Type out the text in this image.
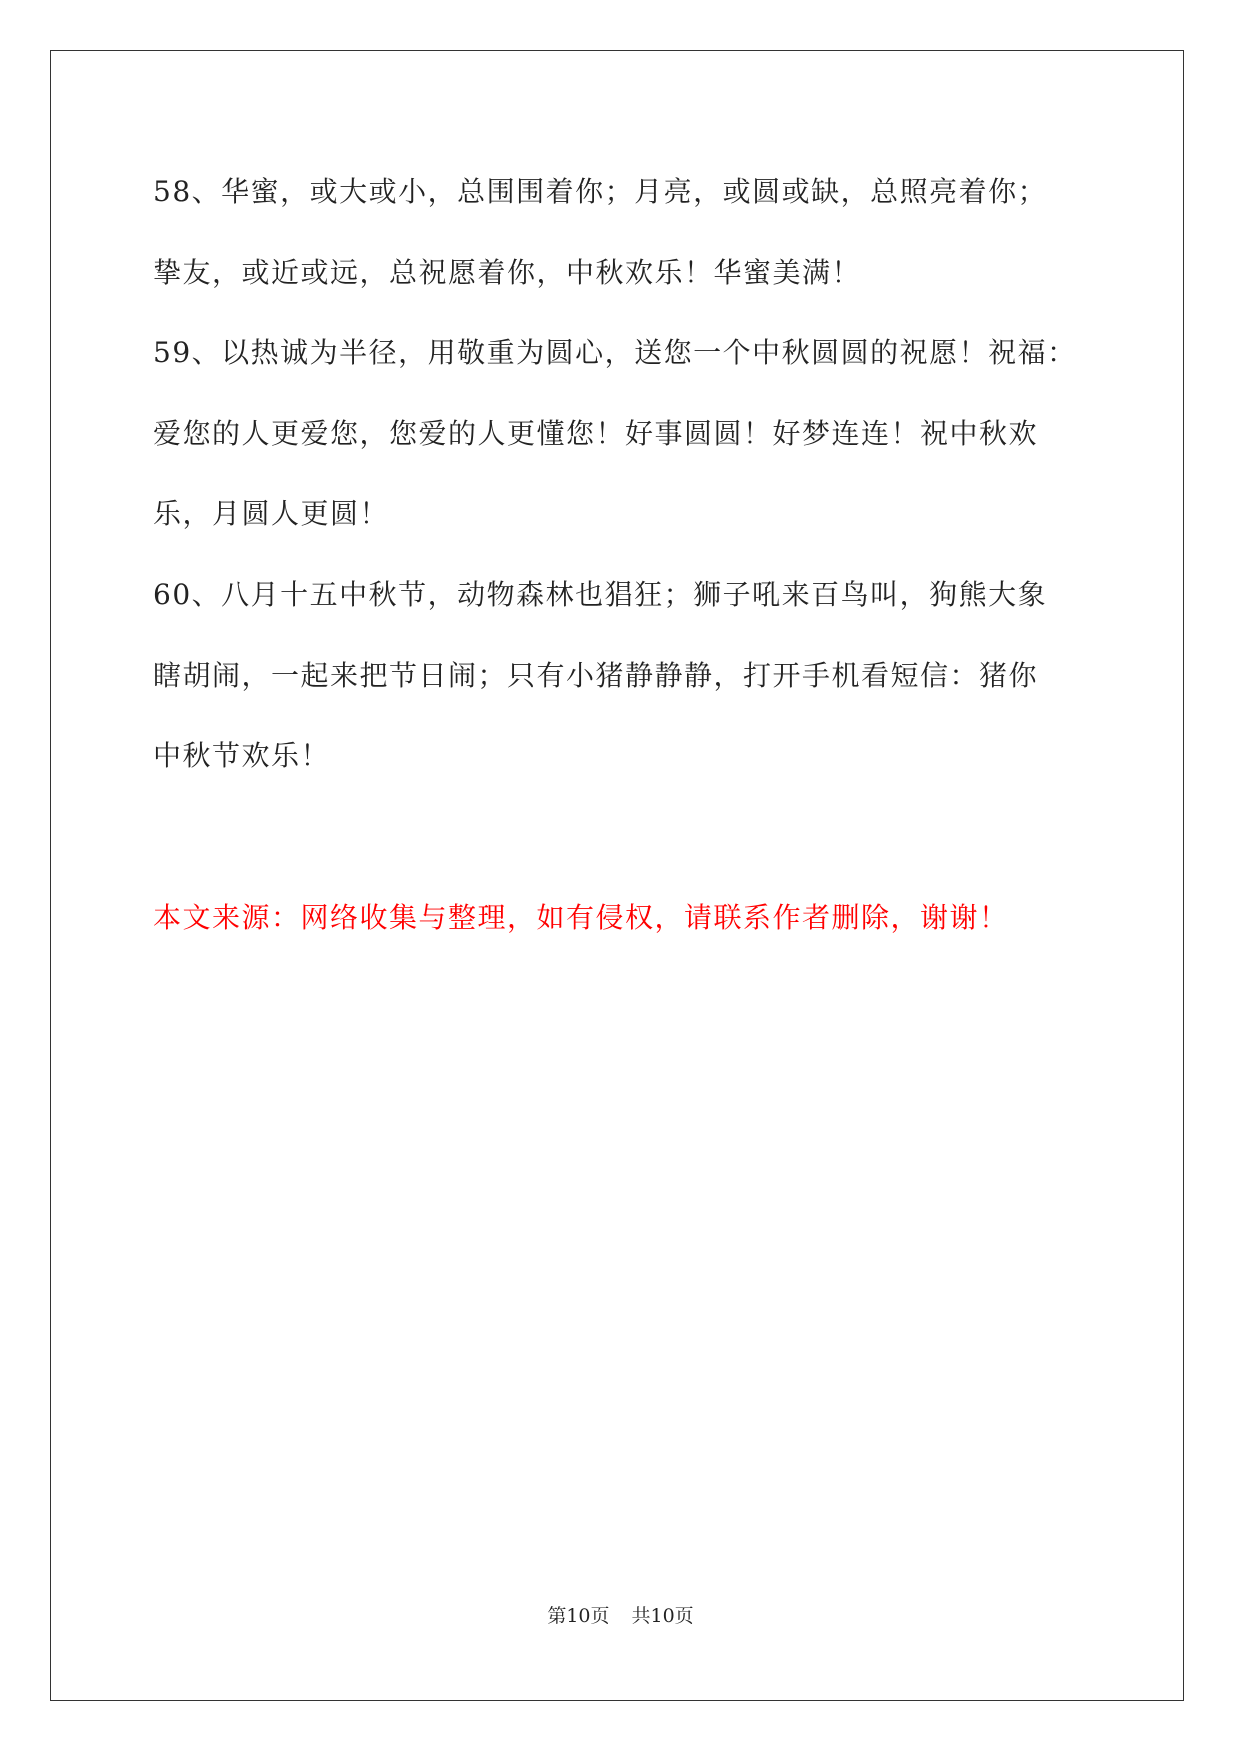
58、华蜜，或大或小，总围围着你；月亮，或圆或缺，总照亮着你；
挚友，或近或远，总祝愿着你，中秋欢乐！华蜜美满！
59、以热诚为半径，用敬重为圆心，送您一个中秋圆圆的祝愿！祝福：
爱您的人更爱您，您爱的人更懂您！好事圆圆！好梦连连！祝中秋欢
乐，月圆人更圆！
60、八月十五中秋节，动物森林也猖狂；狮子吼来百鸟叫，狗熊大象
瞎胡闹，一起来把节日闹；只有小猪静静静，打开手机看短信：猪你
中秋节欢乐！
本文来源：网络收集与整理，如有侵权，请联系作者删除，谢谢！
第10页 共10页
